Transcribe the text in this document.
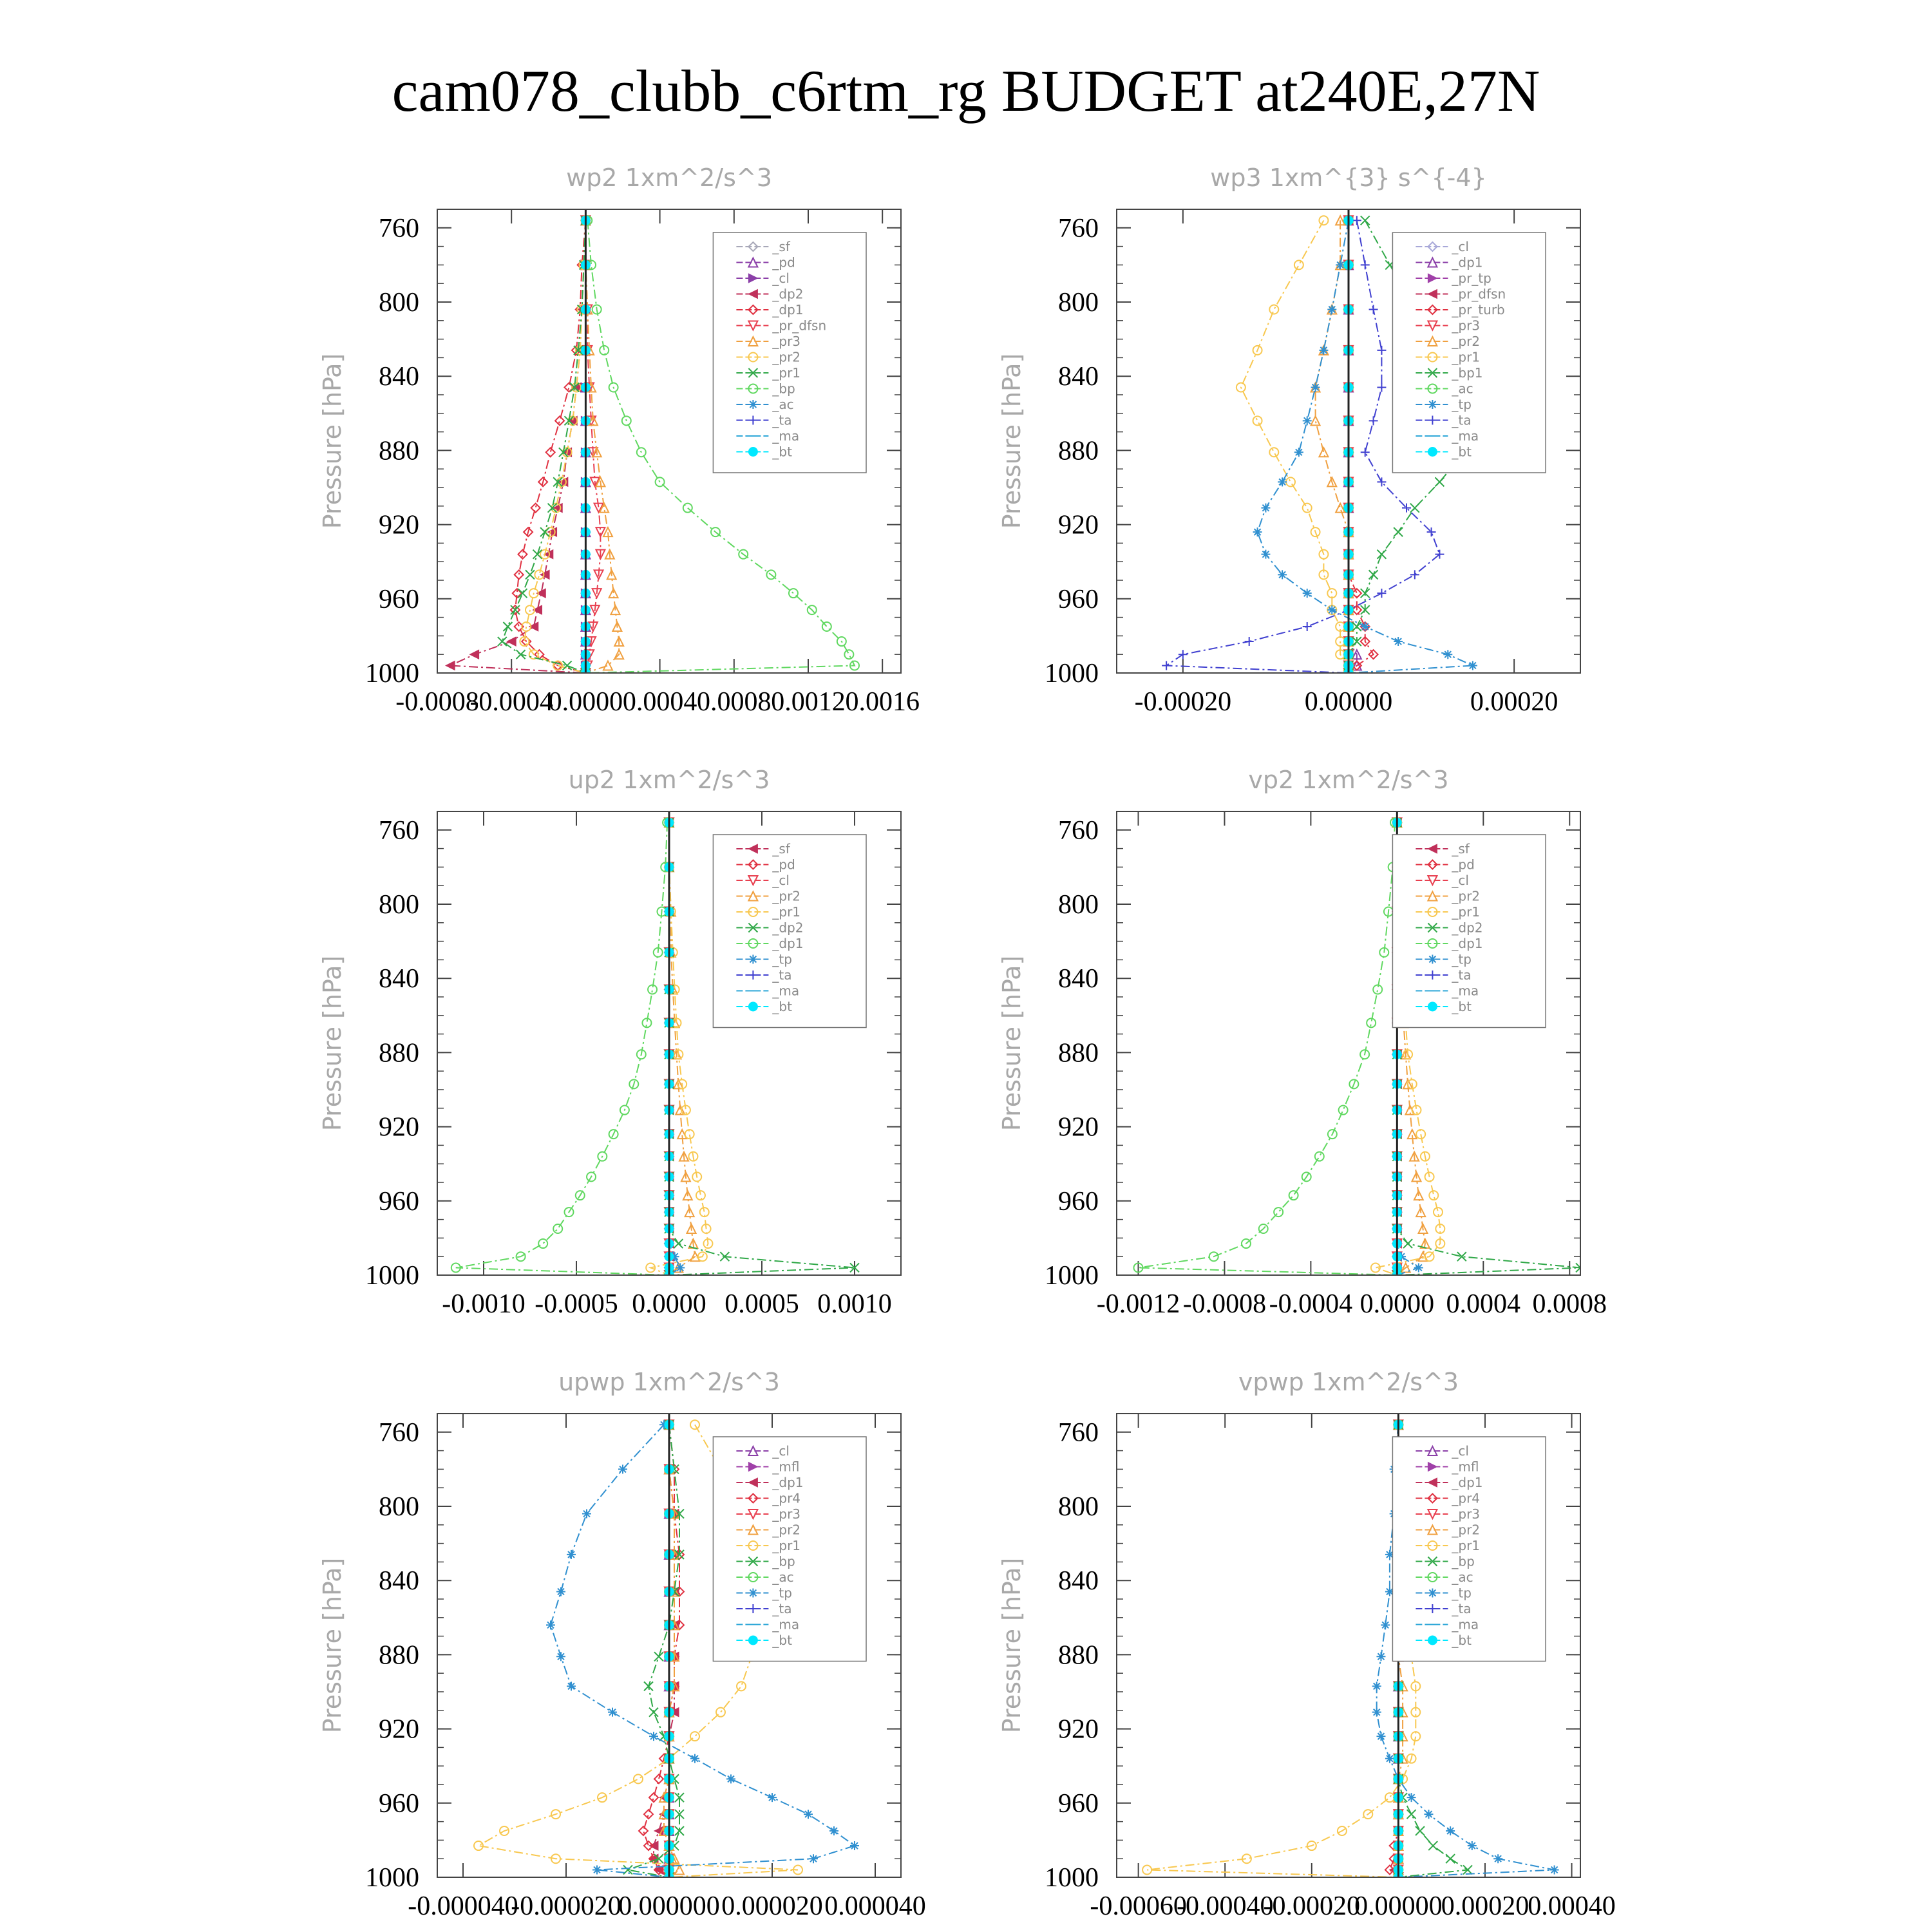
cam078_clubb_c6rtm_rg BUDGET at240E,27N
wp2 1xm^2/s^3
Pressure [hPa]
760
800
840
880
920
960
1000
-0.0008
-0.0004
0.0000 0.0004 0.0008 0.0012 0.0016
_sf
_pd
_cl
_dp2
_dp1
_pr_dfsn
_pr3
_pr2
_pr1
_bp
_ac
_ta
_ma
_bt
wp3 1xm^{3} s^{-4}
Pressure [hPa]
760
800
840
880
920
960
1000
-0.00020	0.00000	0.00020
_cl
_dp1
_pr_tp
_pr_dfsn
_pr_turb
_pr3
_pr2
_pr1
_bp1
_ac
_tp
_ta
_ma
_bt
up2 1xm^2/s^3
Pressure [hPa]
760
800
840
880
920
960
1000
-0.0010 -0.0005 0.0000 0.0005 0.0010
_sf
_pd
_cl
_pr2
_pr1
_dp2
_dp1
_tp
_ta
_ma
_bt
vp2 1xm^2/s^3
Pressure [hPa]
760
800
840
880
920
960
1000
-0.0012 -0.0008 -0.0004 0.0000 0.0004 0.0008
_sf
_pd
_cl
_pr2
_pr1
_dp2
_dp1
_tp
_ta
_ma
_bt
upwp 1xm^2/s^3
Pressure [hPa]
760
800
840
880
920
960
1000
-0.000040
-0.000020
0.000000 0.000020 0.000040
_cl
_mfl
_dp1
_pr4
_pr3
_pr2
_pr1
_bp
_ac
_tp
_ta
_ma
_bt
vpwp 1xm^2/s^3
Pressure [hPa]
760
800
840
880
920
960
1000
-0.00060
-0.00040
-0.00020
0.00000
0.00020
0.00040
_cl
_mfl
_dp1
_pr4
_pr3
_pr2
_pr1
_bp
_ac
_tp
_ta
_ma
_bt
